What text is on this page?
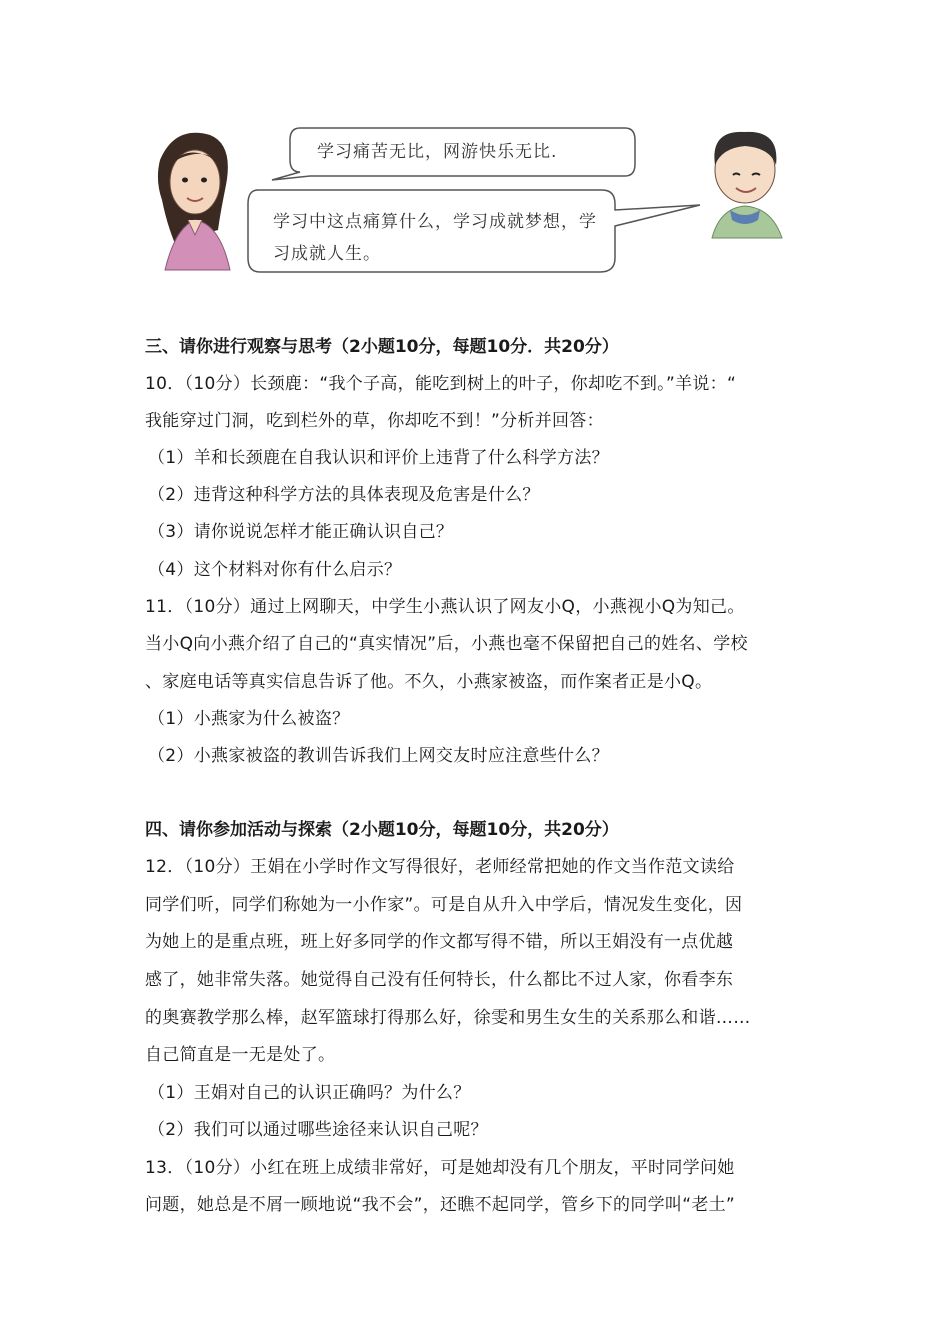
学习痛苦无比，网游快乐无比.
学习中这点痛算什么，学习成就梦想，学
习成就人生。
三、请你进行观察与思考（2小题10分，每题10分．共20分）
10．（10分）长颈鹿：“我个子高，能吃到树上的叶子，你却吃不到。”羊说：“
我能穿过门洞，吃到栏外的草，你却吃不到！”分析并回答：
（1）羊和长颈鹿在自我认识和评价上违背了什么科学方法？
（2）违背这种科学方法的具体表现及危害是什么？
（3）请你说说怎样才能正确认识自己？
（4）这个材料对你有什么启示？
11．（10分）通过上网聊天，中学生小燕认识了网友小Q，小燕视小Q为知己。
当小Q向小燕介绍了自己的“真实情况”后，小燕也毫不保留把自己的姓名、学校
、家庭电话等真实信息告诉了他。不久，小燕家被盗，而作案者正是小Q。
（1）小燕家为什么被盗？
（2）小燕家被盗的教训告诉我们上网交友时应注意些什么？
四、请你参加活动与探索（2小题10分，每题10分，共20分）
12．（10分）王娟在小学时作文写得很好，老师经常把她的作文当作范文读给
同学们听，同学们称她为一小作家”。可是自从升入中学后，情况发生变化，因
为她上的是重点班，班上好多同学的作文都写得不错，所以王娟没有一点优越
感了，她非常失落。她觉得自己没有任何特长，什么都比不过人家，你看李东
的奥赛教学那么棒，赵军篮球打得那么好，徐雯和男生女生的关系那么和谐……
自己简直是一无是处了。
（1）王娟对自己的认识正确吗？为什么？
（2）我们可以通过哪些途径来认识自己呢？
13．（10分）小红在班上成绩非常好，可是她却没有几个朋友，平时同学问她
问题，她总是不屑一顾地说“我不会”，还瞧不起同学，管乡下的同学叫“老土”
